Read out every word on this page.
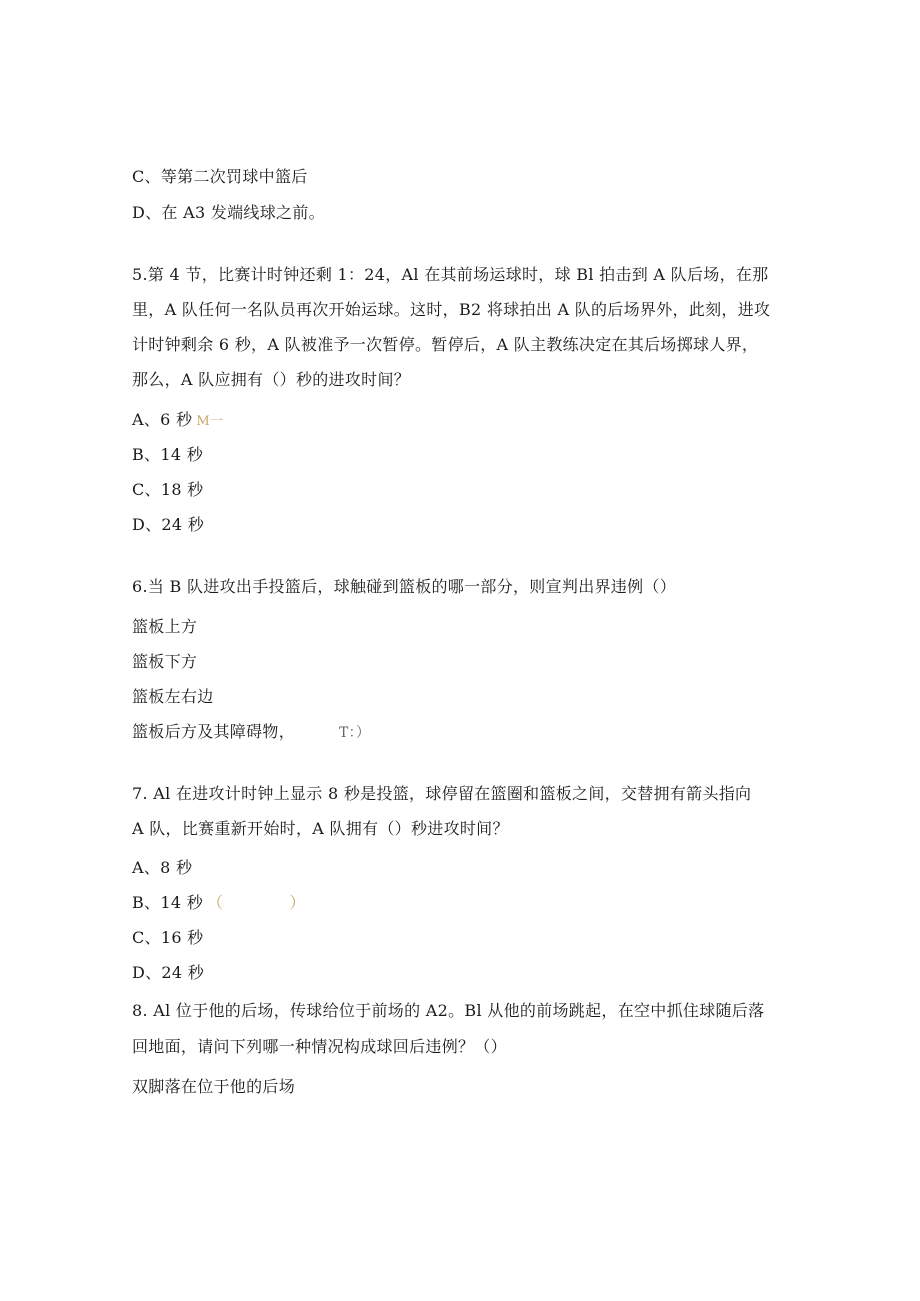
C、等第二次罚球中篮后
D、在 A3 发端线球之前。
5.第 4 节，比赛计时钟还剩 1：24，Al 在其前场运球时，球 Bl 拍击到 A 队后场，在那
里，A 队任何一名队员再次开始运球。这时，B2 将球拍出 A 队的后场界外，此刻，进攻
计时钟剩余 6 秒，A 队被准予一次暂停。暂停后，A 队主教练决定在其后场掷球人界，
那么，A 队应拥有（）秒的进攻时间？
A、6 秒 M一
B、14 秒
C、18 秒
D、24 秒
6.当 B 队进攻出手投篮后，球触碰到篮板的哪一部分，则宣判出界违例（）
篮板上方
篮板下方
篮板左右边
篮板后方及其障碍物，	T：）
7. Al 在进攻计时钟上显示 8 秒是投篮，球停留在篮圈和篮板之间，交替拥有箭头指向
A 队，比赛重新开始时，A 队拥有（）秒进攻时间？
A、8 秒
B、14 秒 （	）
C、16 秒
D、24 秒
8. Al 位于他的后场，传球给位于前场的 A2。Bl 从他的前场跳起，在空中抓住球随后落
回地面，请问下列哪一种情况构成球回后违例？（）
双脚落在位于他的后场
